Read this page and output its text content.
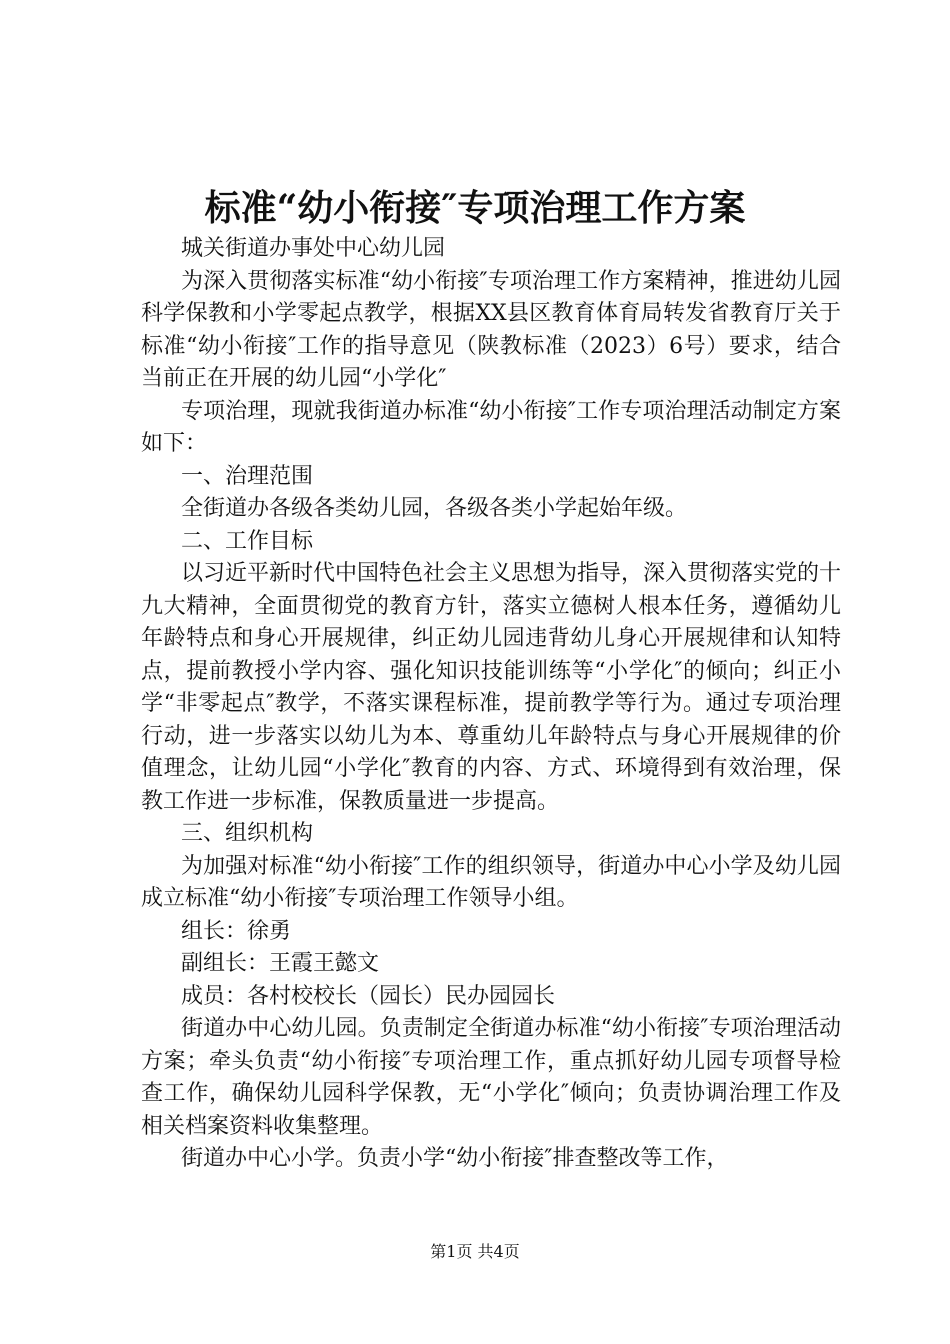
标准“幼小衔接″专项治理工作方案

城关街道办事处中心幼儿园

为深入贯彻落实标准“幼小衔接″专项治理工作方案精神，推进幼儿园科学保教和小学零起点教学，根据XX县区教育体育局转发省教育厅关于标准“幼小衔接″工作的指导意见（陕教标准（2023）6号）要求，结合当前正在开展的幼儿园“小学化″

专项治理，现就我街道办标准“幼小衔接″工作专项治理活动制定方案如下：

一、治理范围

全街道办各级各类幼儿园，各级各类小学起始年级。

二、工作目标

以习近平新时代中国特色社会主义思想为指导，深入贯彻落实党的十九大精神，全面贯彻党的教育方针，落实立德树人根本任务，遵循幼儿年龄特点和身心开展规律，纠正幼儿园违背幼儿身心开展规律和认知特点，提前教授小学内容、强化知识技能训练等“小学化″的倾向；纠正小学“非零起点″教学，不落实课程标准，提前教学等行为。通过专项治理行动，进一步落实以幼儿为本、尊重幼儿年龄特点与身心开展规律的价值理念，让幼儿园“小学化″教育的内容、方式、环境得到有效治理，保教工作进一步标准，保教质量进一步提高。

三、组织机构

为加强对标准“幼小衔接″工作的组织领导，街道办中心小学及幼儿园成立标准“幼小衔接″专项治理工作领导小组。

组长：徐勇

副组长：王霞王懿文

成员：各村校校长（园长）民办园园长

街道办中心幼儿园。负责制定全街道办标准“幼小衔接″专项治理活动方案；牵头负责“幼小衔接″专项治理工作，重点抓好幼儿园专项督导检查工作，确保幼儿园科学保教，无“小学化″倾向；负责协调治理工作及相关档案资料收集整理。

街道办中心小学。负责小学“幼小衔接″排查整改等工作，

第1页 共4页
